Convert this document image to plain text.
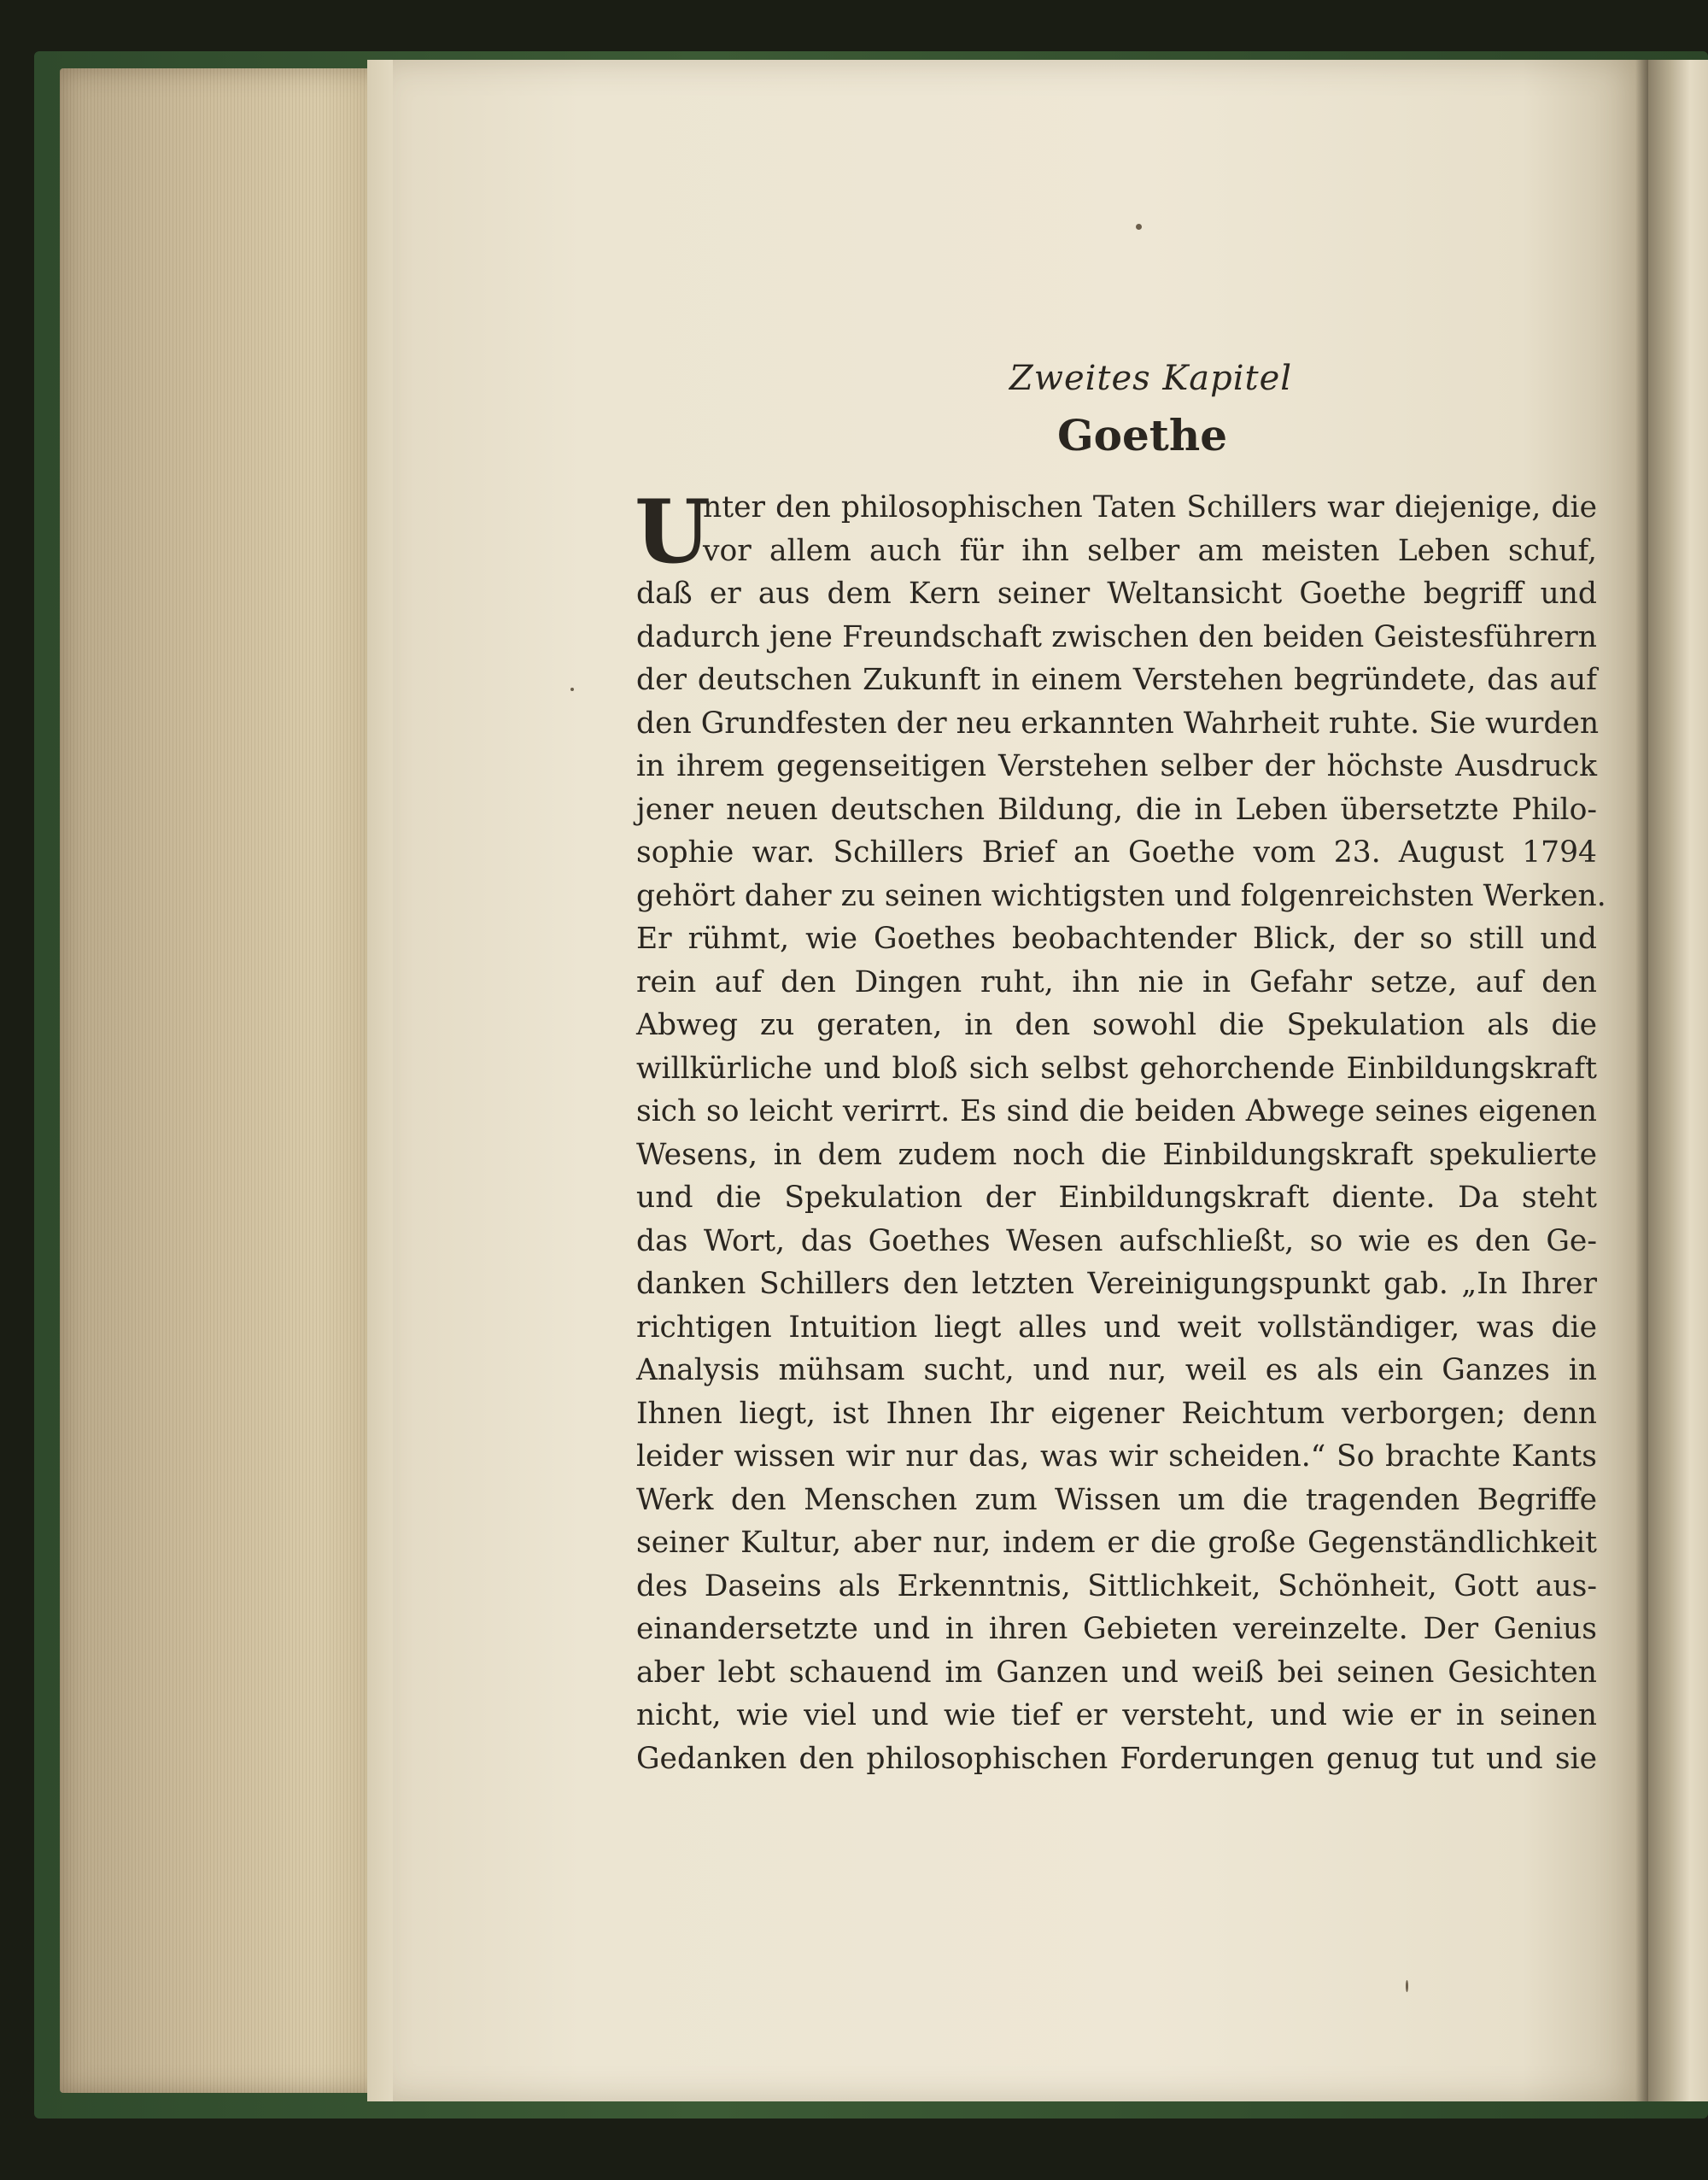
Zweites Kapitel
Goethe
U
nter den philosophischen Taten Schillers war diejenige, die
vor allem auch für ihn selber am meisten Leben schuf,
daß er aus dem Kern seiner Weltansicht Goethe begriff und
dadurch jene Freundschaft zwischen den beiden Geistesführern
der deutschen Zukunft in einem Verstehen begründete, das auf
den Grundfesten der neu erkannten Wahrheit ruhte. Sie wurden
in ihrem gegenseitigen Verstehen selber der höchste Ausdruck
jener neuen deutschen Bildung, die in Leben übersetzte Philo-
sophie war. Schillers Brief an Goethe vom 23. August 1794
gehört daher zu seinen wichtigsten und folgenreichsten Werken.
Er rühmt, wie Goethes beobachtender Blick, der so still und
rein auf den Dingen ruht, ihn nie in Gefahr setze, auf den
Abweg zu geraten, in den sowohl die Spekulation als die
willkürliche und bloß sich selbst gehorchende Einbildungskraft
sich so leicht verirrt. Es sind die beiden Abwege seines eigenen
Wesens, in dem zudem noch die Einbildungskraft spekulierte
und die Spekulation der Einbildungskraft diente. Da steht
das Wort, das Goethes Wesen aufschließt, so wie es den Ge-
danken Schillers den letzten Vereinigungspunkt gab. „In Ihrer
richtigen Intuition liegt alles und weit vollständiger, was die
Analysis mühsam sucht, und nur, weil es als ein Ganzes in
Ihnen liegt, ist Ihnen Ihr eigener Reichtum verborgen; denn
leider wissen wir nur das, was wir scheiden.“ So brachte Kants
Werk den Menschen zum Wissen um die tragenden Begriffe
seiner Kultur, aber nur, indem er die große Gegenständlichkeit
des Daseins als Erkenntnis, Sittlichkeit, Schönheit, Gott aus-
einandersetzte und in ihren Gebieten vereinzelte. Der Genius
aber lebt schauend im Ganzen und weiß bei seinen Gesichten
nicht, wie viel und wie tief er versteht, und wie er in seinen
Gedanken den philosophischen Forderungen genug tut und sie
